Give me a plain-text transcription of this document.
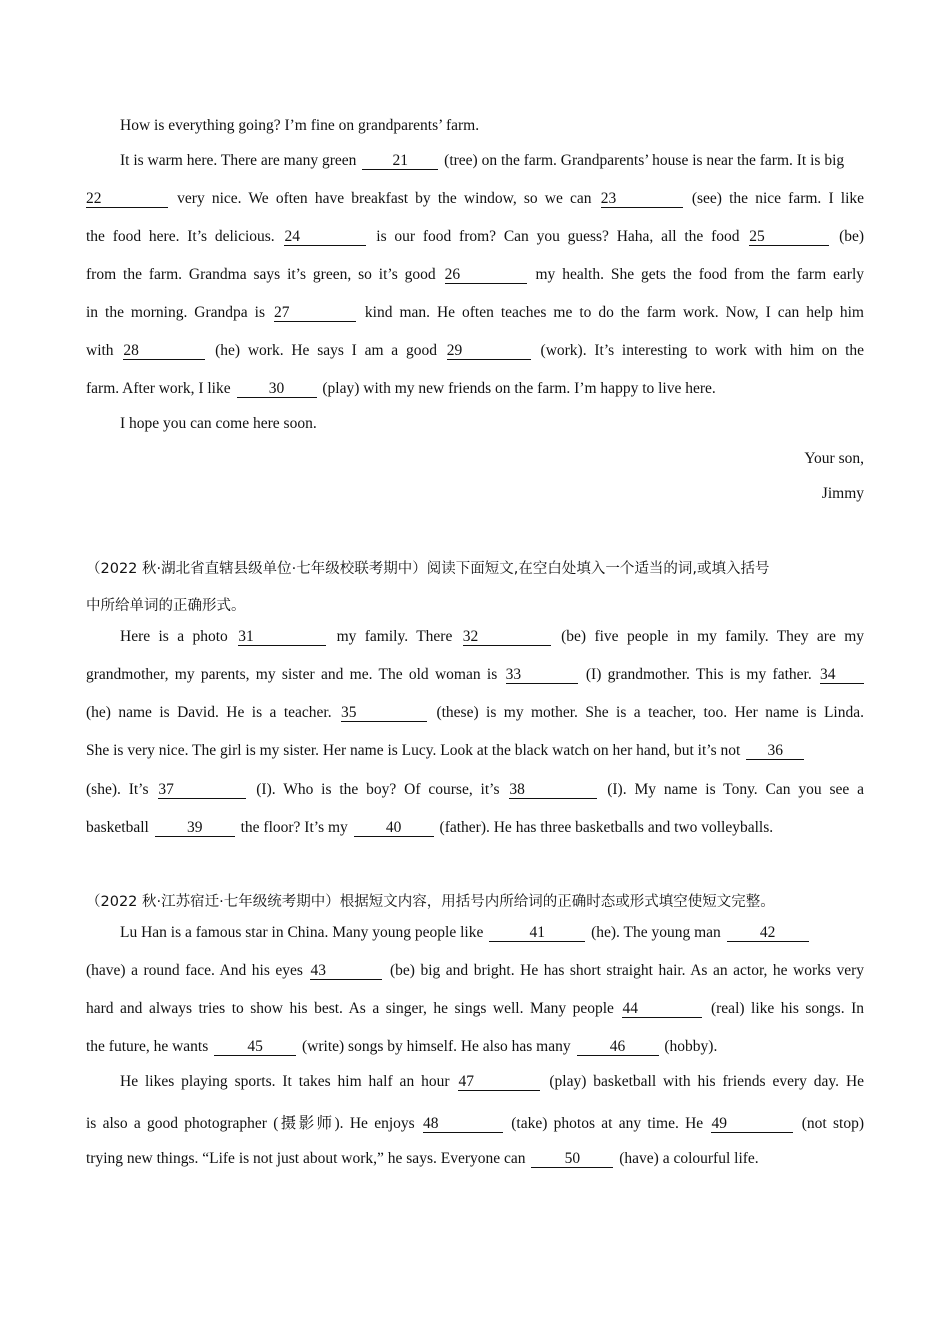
How is everything going? I’m fine on grandparents’ farm.
It is warm here. There are many green 21 (tree) on the farm. Grandparents’ house is near the farm. It is big
22	very nice. We often have breakfast by the window, so we can 23	(see) the nice farm. I like
the food here. It’s delicious. 24	is our food from? Can you guess? Haha, all the food 25	(be)
from the farm. Grandma says it’s green, so it’s good 26	my health. She gets the food from the farm early
in the morning. Grandpa is 27	kind man. He often teaches me to do the farm work. Now, I can help him
with 28	(he) work. He says I am a good 29	(work). It’s interesting to work with him on the
farm. After work, I like 30 (play) with my new friends on the farm. I’m happy to live here.
I hope you can come here soon.
Your son,
Jimmy
（2022 秋·湖北省直辖县级单位·七年级校联考期中）阅读下面短文,在空白处填入一个适当的词,或填入括号
中所给单词的正确形式。
Here is a photo 31	my family. There 32	(be) five people in my family. They are my
grandmother, my parents, my sister and me. The old woman is 33	(I) grandmother. This is my father. 34
(he) name is David. He is a teacher. 35	(these) is my mother. She is a teacher, too. Her name is Linda.
She is very nice. The girl is my sister. Her name is Lucy. Look at the black watch on her hand, but it’s not 36
(she). It’s 37	(I). Who is the boy? Of course, it’s 38	(I). My name is Tony. Can you see a
basketball 39 the floor? It’s my 40 (father). He has three basketballs and two volleyballs.
（2022 秋·江苏宿迁·七年级统考期中）根据短文内容，用括号内所给词的正确时态或形式填空使短文完整。
Lu Han is a famous star in China. Many young people like	41	(he). The young man	42
(have) a round face. And his eyes 43	(be) big and bright. He has short straight hair. As an actor, he works very
hard and always tries to show his best. As a singer, he sings well. Many people 44	(real) like his songs. In
the future, he wants	45	(write) songs by himself. He also has many	46	(hobby).
He likes playing sports. It takes him half an hour 47	(play) basketball with his friends every day. He
is also a good photographer (摄影师). He enjoys 48	(take) photos at any time. He 49	(not stop)
trying new things. “Life is not just about work,” he says. Everyone can	50	(have) a colourful life.
